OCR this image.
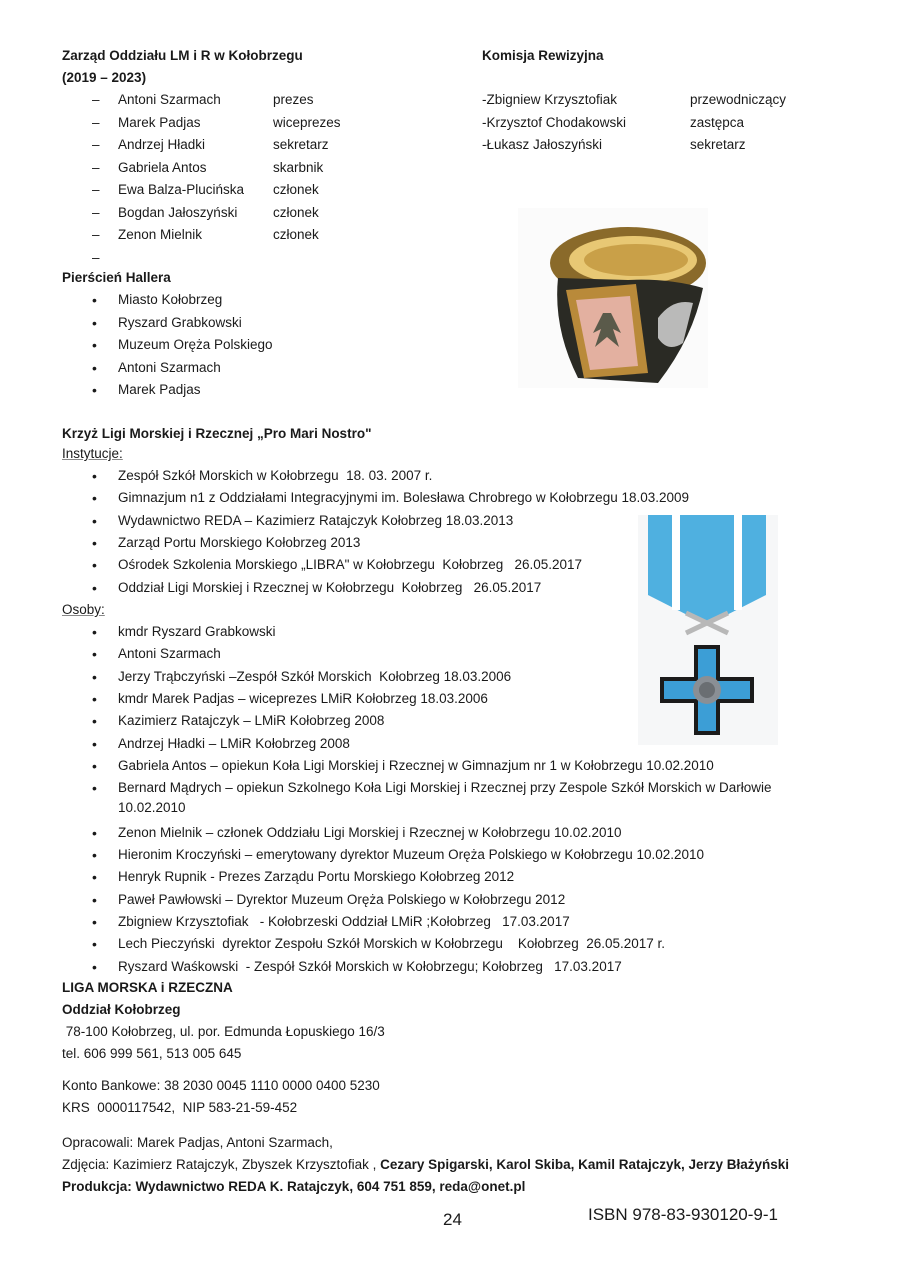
Zarząd Oddziału LM i R w Kołobrzegu
(2019 – 2023)
– Antoni Szarmach	prezes
– Marek Padjas	wiceprezes
– Andrzej Hładki	sekretarz
– Gabriela Antos	skarbnik
– Ewa Balza-Plucińska członek
– Bogdan Jałoszyński	członek
– Zenon Mielnik	członek
–
Komisja Rewizyjna
-Zbigniew Krzysztofiak	przewodniczący
-Krzysztof Chodakowski	zastępca
-Łukasz Jałoszyński	sekretarz
Pierścień Hallera
• Miasto Kołobrzeg
• Ryszard Grabkowski
• Muzeum Oręża Polskiego
• Antoni Szarmach
• Marek Padjas
Krzyż Ligi Morskiej i Rzecznej „Pro Mari Nostro"
Instytucje:
• Zespół Szkół Morskich w Kołobrzegu  18. 03. 2007 r.
• Gimnazjum n1 z Oddziałami Integracyjnymi im. Bolesława Chrobrego w Kołobrzegu 18.03.2009
• Wydawnictwo REDA – Kazimierz Ratajczyk Kołobrzeg 18.03.2013
• Zarząd Portu Morskiego Kołobrzeg 2013
• Ośrodek Szkolenia Morskiego „LIBRA" w Kołobrzegu  Kołobrzeg   26.05.2017
• Oddział Ligi Morskiej i Rzecznej w Kołobrzegu  Kołobrzeg   26.05.2017
Osoby:
• kmdr Ryszard Grabkowski
• Antoni Szarmach
• Jerzy Trąbczyński –Zespół Szkół Morskich  Kołobrzeg 18.03.2006
• kmdr Marek Padjas – wiceprezes LMiR Kołobrzeg 18.03.2006
• Kazimierz Ratajczyk – LMiR Kołobrzeg 2008
• Andrzej Hładki – LMiR Kołobrzeg 2008
• Gabriela Antos – opiekun Koła Ligi Morskiej i Rzecznej w Gimnazjum nr 1 w Kołobrzegu 10.02.2010
• Bernard Mądrych – opiekun Szkolnego Koła Ligi Morskiej i Rzecznej przy Zespole Szkół Morskich w Darłowie
10.02.2010
• Zenon Mielnik – członek Oddziału Ligi Morskiej i Rzecznej w Kołobrzegu 10.02.2010
• Hieronim Kroczyński – emerytowany dyrektor Muzeum Oręża Polskiego w Kołobrzegu 10.02.2010
• Henryk Rupnik - Prezes Zarządu Portu Morskiego Kołobrzeg 2012
• Paweł Pawłowski – Dyrektor Muzeum Oręża Polskiego w Kołobrzegu 2012
• Zbigniew Krzysztofiak   - Kołobrzeski Oddział LMiR ;Kołobrzeg   17.03.2017
• Lech Pieczyński  dyrektor Zespołu Szkół Morskich w Kołobrzegu    Kołobrzeg  26.05.2017 r.
• Ryszard Waśkowski  - Zespół Szkół Morskich w Kołobrzegu; Kołobrzeg   17.03.2017
LIGA MORSKA i RZECZNA
Oddział Kołobrzeg
78-100 Kołobrzeg, ul. por. Edmunda Łopuskiego 16/3
tel. 606 999 561, 513 005 645
Konto Bankowe: 38 2030 0045 1110 0000 0400 5230
KRS  0000117542,  NIP 583-21-59-452
Opracowali: Marek Padjas, Antoni Szarmach,
Zdjęcia: Kazimierz Ratajczyk, Zbyszek Krzysztofiak , Cezary Spigarski, Karol Skiba, Kamil Ratajczyk, Jerzy Błażyński
Produkcja: Wydawnictwo REDA K. Ratajczyk, 604 751 859, reda@onet.pl
24	ISBN 978-83-930120-9-1
